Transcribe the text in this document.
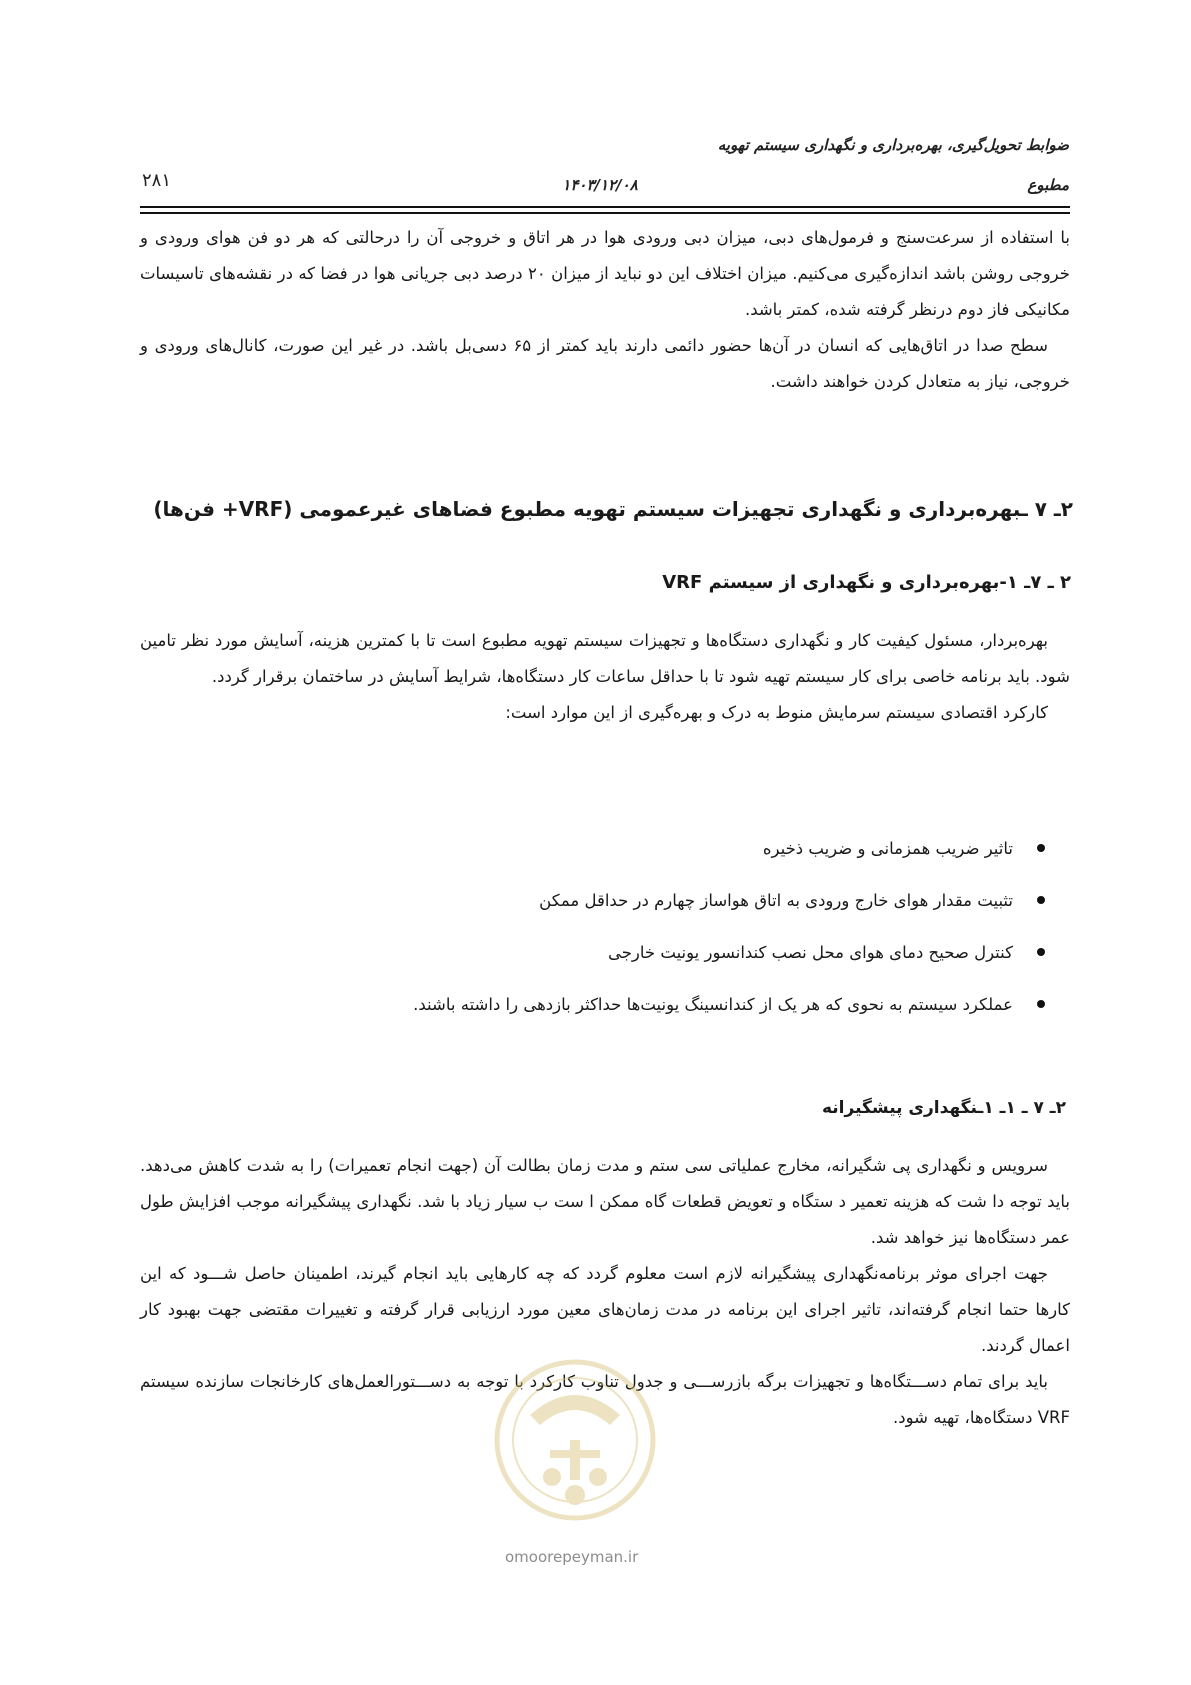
ضوابط تحویل‌گیری، بهره‌برداری و نگهداری سیستم تهویه
۲۸۱	۱۴۰۳/۱۲/۰۸	مطبوع

با استفاده از سرعت‌سنج و فرمول‌های دبی، میزان دبی ورودی هوا در هر اتاق و خروجی آن را درحالتی که هر دو فن هوای ورودی و خروجی روشن باشد اندازه‌گیری می‌کنیم. میزان اختلاف این دو نباید از میزان ۲۰ درصد دبی جریانی هوا در فضا که در نقشه‌های تاسیسات مکانیکی فاز دوم درنظر گرفته شده، کمتر باشد.

سطح صدا در اتاق‌هایی که انسان در آن‌ها حضور دائمی دارند باید کمتر از ۶۵ دسی‌بل باشد. در غیر این صورت، کانال‌های ورودی و خروجی، نیاز به متعادل کردن خواهند داشت.

۲ـ ۷ ـبهره‌برداری و نگهداری تجهیزات سیستم تهویه مطبوع فضاهای غیرعمومی (VRF+ فن‌ها)
۲ ـ ۷ـ ۱-بهره‌برداری و نگهداری از سیستم VRF

بهره‌بردار، مسئول کیفیت کار و نگهداری دستگاه‌ها و تجهیزات سیستم تهویه مطبوع است تا با کمترین هزینه، آسایش مورد نظر تامین شود. باید برنامه خاصی برای کار سیستم تهیه شود تا با حداقل ساعات کار دستگاه‌ها، شرایط آسایش در ساختمان برقرار گردد.

کارکرد اقتصادی سیستم سرمایش منوط به درک و بهره‌گیری از این موارد است:

تاثیر ضریب همزمانی و ضریب ذخیره
تثبیت مقدار هوای خارج ورودی به اتاق هواساز چهارم در حداقل ممکن
کنترل صحیح دمای هوای محل نصب کندانسور یونیت خارجی
عملکرد سیستم به نحوی که هر یک از کندانسینگ یونیت‌ها حداکثر بازدهی را داشته باشند.
۲ـ ۷ ـ ۱ـ ۱ـنگهداری پیشگیرانه

سرویس و نگهداری پی شگیرانه، مخارج عملیاتی سی ستم و مدت زمان بطالت آن (جهت انجام تعمیرات) را به شدت کاهش می‌دهد. باید توجه دا شت که هزینه تعمیر د ستگاه و تعویض قطعات گاه ممکن ا ست ب سیار زیاد با شد. نگهداری پیشگیرانه موجب افزایش طول عمر دستگاه‌ها نیز خواهد شد.

جهت اجرای موثر برنامه‌نگهداری پیشگیرانه لازم است معلوم گردد که چه کارهایی باید انجام گیرند، اطمینان حاصل شـــود که این کارها حتما انجام گرفته‌اند، تاثیر اجرای این برنامه در مدت زمان‌های معین مورد ارزیابی قرار گرفته و تغییرات مقتضی جهت بهبود کار اعمال گردند.

باید برای تمام دســـتگاه‌ها و تجهیزات برگه بازرســـی و جدول تناوب کارکرد با توجه به دســـتورالعمل‌های کارخانجات سازنده سیستم VRF دستگاه‌ها، تهیه شود.

omoorepeyman.ir
